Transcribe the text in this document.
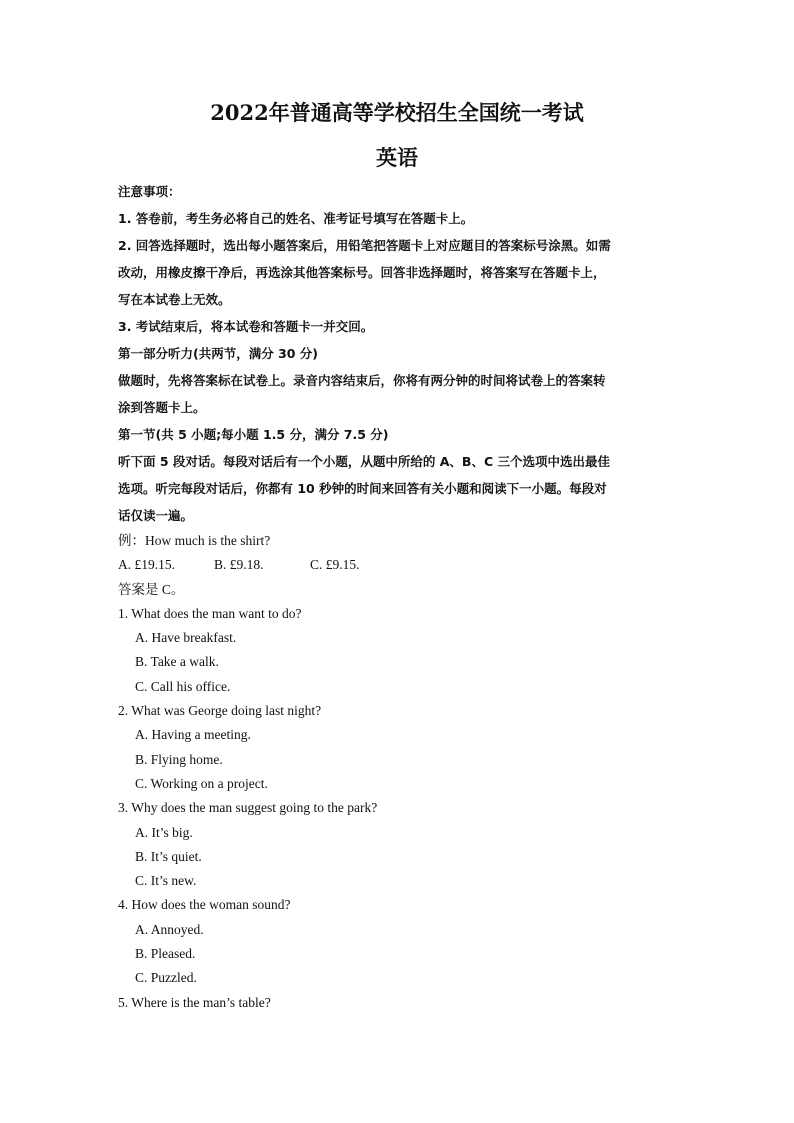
2022年普通高等学校招生全国统一考试
英语
注意事项：
1. 答卷前，考生务必将自己的姓名、准考证号填写在答题卡上。
2. 回答选择题时，选出每小题答案后，用铅笔把答题卡上对应题目的答案标号涂黑。如需
改动，用橡皮擦干净后，再选涂其他答案标号。回答非选择题时，将答案写在答题卡上，
写在本试卷上无效。
3. 考试结束后，将本试卷和答题卡一并交回。
第一部分听力(共两节，满分 30 分)
做题时，先将答案标在试卷上。录音内容结束后，你将有两分钟的时间将试卷上的答案转
涂到答题卡上。
第一节(共 5 小题;每小题 1.5 分，满分 7.5 分)
听下面 5 段对话。每段对话后有一个小题，从题中所给的 A、B、C 三个选项中选出最佳
选项。听完每段对话后，你都有 10 秒钟的时间来回答有关小题和阅读下一小题。每段对
话仅读一遍。
例：How much is the shirt?
A. £19.15.	B. £9.18.	C. £9.15.
答案是 C。
1. What does the man want to do?
A. Have breakfast.
B. Take a walk.
C. Call his office.
2. What was George doing last night?
A. Having a meeting.
B. Flying home.
C. Working on a project.
3. Why does the man suggest going to the park?
A. It’s big.
B. It’s quiet.
C. It’s new.
4. How does the woman sound?
A. Annoyed.
B. Pleased.
C. Puzzled.
5. Where is the man’s table?
